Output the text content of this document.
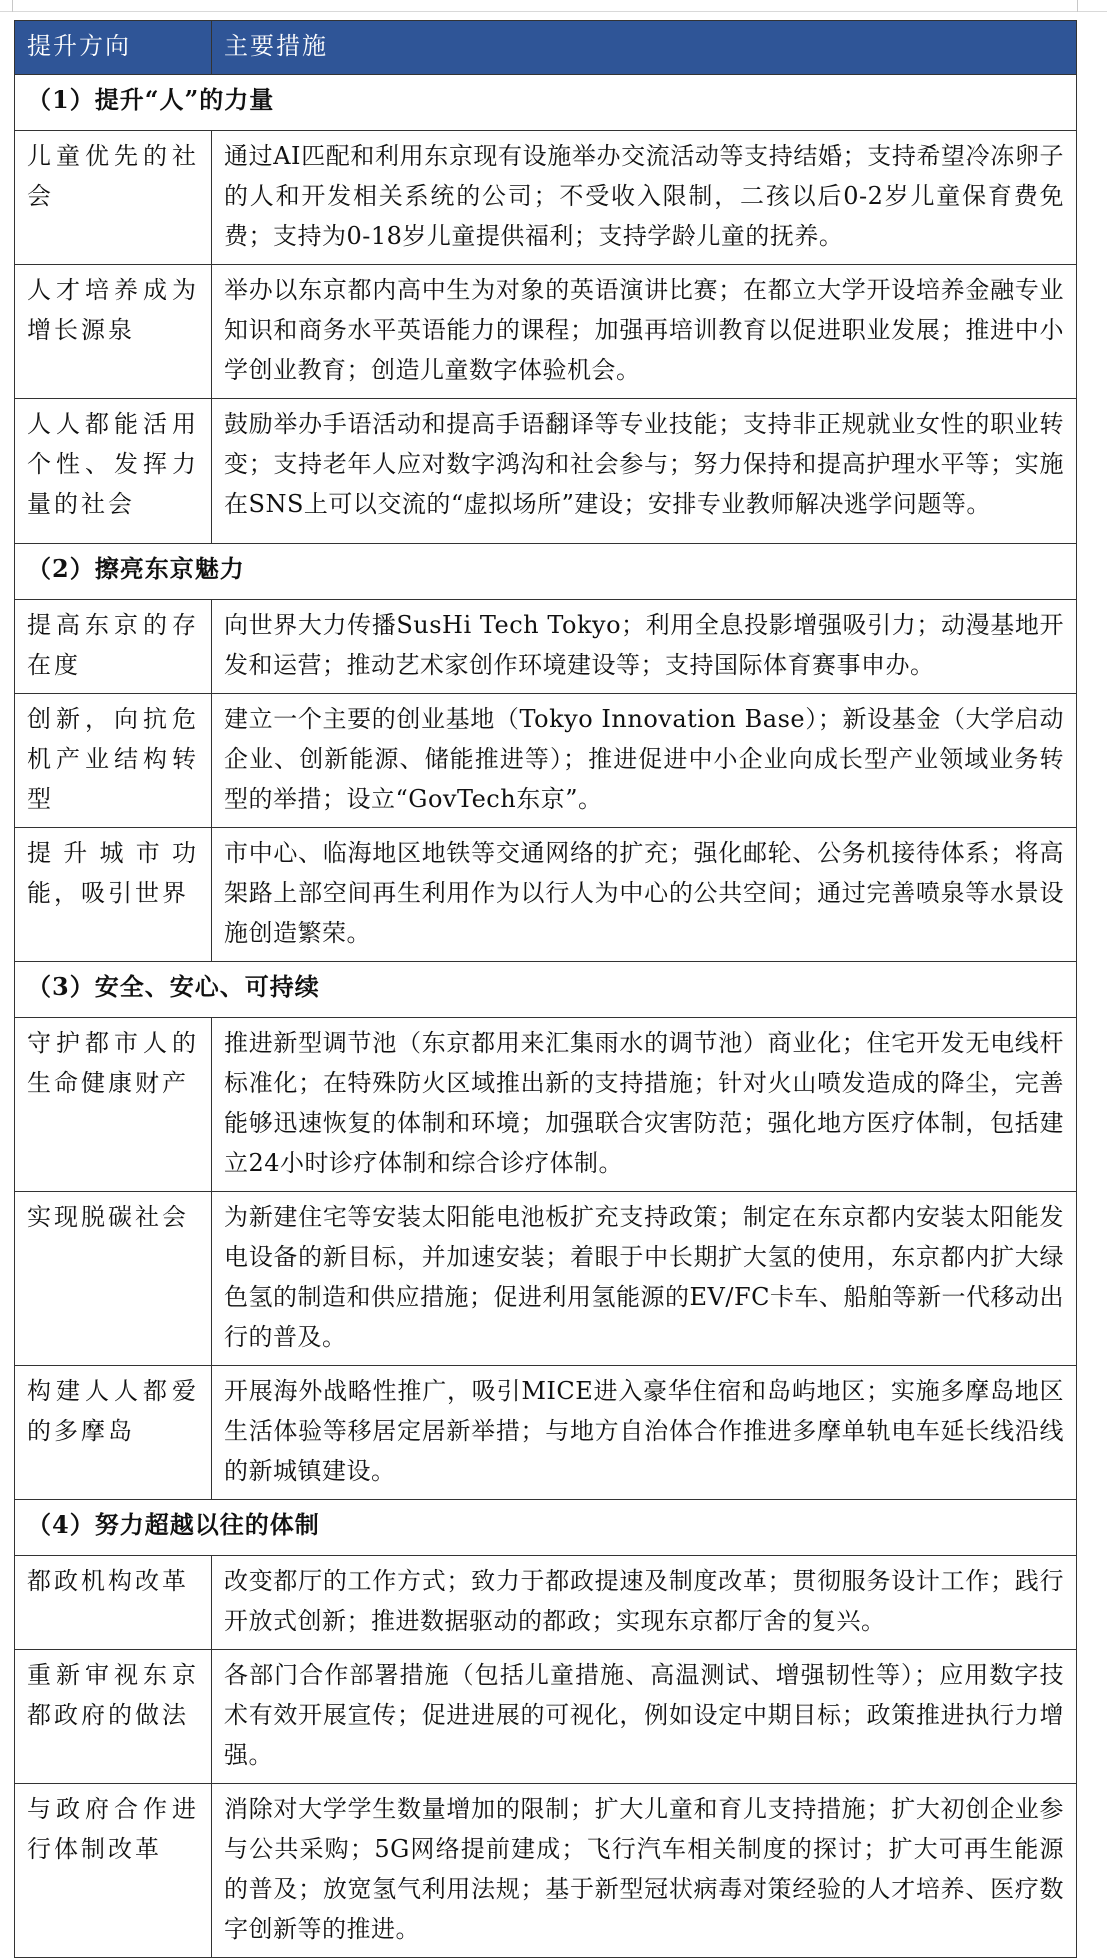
提升方向	主要措施
（1）提升“人”的力量	
儿童优先的社会	通过AI匹配和利用东京现有设施举办交流活动等支持结婚；支持希望冷冻卵子的人和开发相关系统的公司；不受收入限制，二孩以后0-2岁儿童保育费免费；支持为0-18岁儿童提供福利；支持学龄儿童的抚养。
人才培养成为增长源泉	举办以东京都内高中生为对象的英语演讲比赛；在都立大学开设培养金融专业知识和商务水平英语能力的课程；加强再培训教育以促进职业发展；推进中小学创业教育；创造儿童数字体验机会。
人人都能活用个性、发挥力量的社会	鼓励举办手语活动和提高手语翻译等专业技能；支持非正规就业女性的职业转变；支持老年人应对数字鸿沟和社会参与；努力保持和提高护理水平等；实施在SNS上可以交流的“虚拟场所”建设；安排专业教师解决逃学问题等。
（2）擦亮东京魅力	
提高东京的存在度	向世界大力传播SusHi Tech Tokyo；利用全息投影增强吸引力；动漫基地开发和运营；推动艺术家创作环境建设等；支持国际体育赛事申办。
创新，向抗危机产业结构转型	建立一个主要的创业基地（Tokyo Innovation Base）；新设基金（大学启动企业、创新能源、储能推进等）；推进促进中小企业向成长型产业领域业务转型的举措；设立“GovTech东京”。
提升城市功能，吸引世界	市中心、临海地区地铁等交通网络的扩充；强化邮轮、公务机接待体系；将高架路上部空间再生利用作为以行人为中心的公共空间；通过完善喷泉等水景设施创造繁荣。
（3）安全、安心、可持续	
守护都市人的生命健康财产	推进新型调节池（东京都用来汇集雨水的调节池）商业化；住宅开发无电线杆标准化；在特殊防火区域推出新的支持措施；针对火山喷发造成的降尘，完善能够迅速恢复的体制和环境；加强联合灾害防范；强化地方医疗体制，包括建立24小时诊疗体制和综合诊疗体制。
实现脱碳社会	为新建住宅等安装太阳能电池板扩充支持政策；制定在东京都内安装太阳能发电设备的新目标，并加速安装；着眼于中长期扩大氢的使用，东京都内扩大绿色氢的制造和供应措施；促进利用氢能源的EV/FC卡车、船舶等新一代移动出行的普及。
构建人人都爱的多摩岛	开展海外战略性推广，吸引MICE进入豪华住宿和岛屿地区；实施多摩岛地区生活体验等移居定居新举措；与地方自治体合作推进多摩单轨电车延长线沿线的新城镇建设。
（4）努力超越以往的体制	
都政机构改革	改变都厅的工作方式；致力于都政提速及制度改革；贯彻服务设计工作；践行开放式创新；推进数据驱动的都政；实现东京都厅舍的复兴。
重新审视东京都政府的做法	各部门合作部署措施（包括儿童措施、高温测试、增强韧性等）；应用数字技术有效开展宣传；促进进展的可视化，例如设定中期目标；政策推进执行力增强。
与政府合作进行体制改革	消除对大学学生数量增加的限制；扩大儿童和育儿支持措施；扩大初创企业参与公共采购；5G网络提前建成；飞行汽车相关制度的探讨；扩大可再生能源的普及；放宽氢气利用法规；基于新型冠状病毒对策经验的人才培养、医疗数字创新等的推进。
